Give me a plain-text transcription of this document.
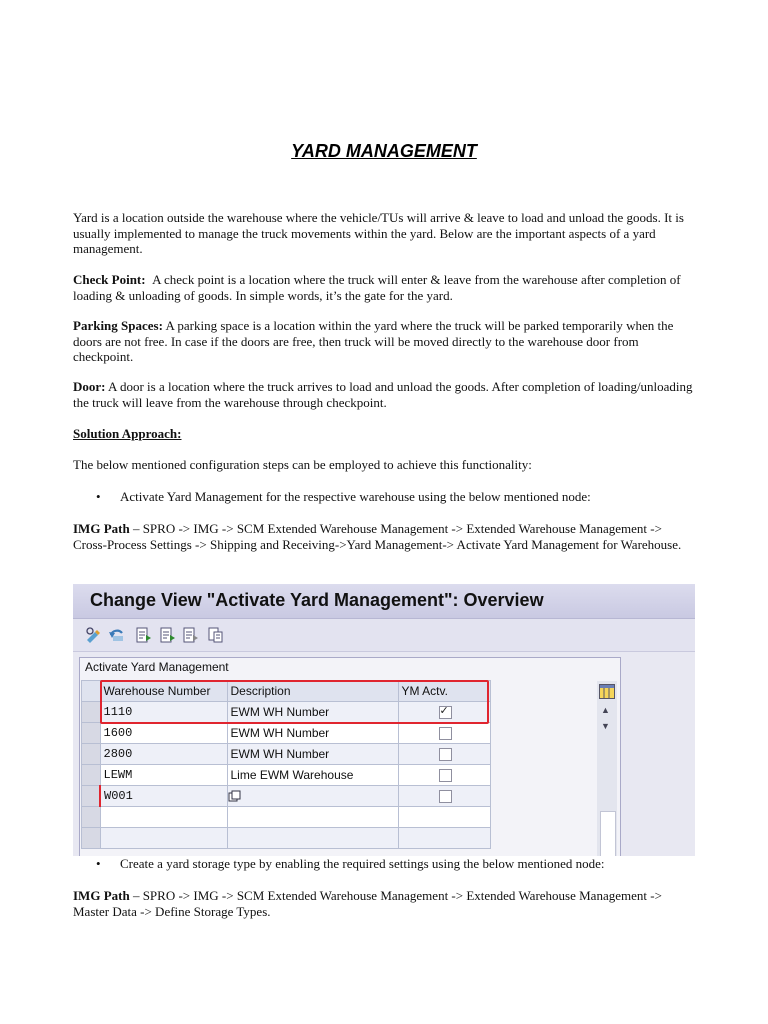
YARD MANAGEMENT
Yard is a location outside the warehouse where the vehicle/TUs will arrive & leave to load and unload the goods. It is usually implemented to manage the truck movements within the yard. Below are the important aspects of a yard management.
Check Point: A check point is a location where the truck will enter & leave from the warehouse after completion of loading & unloading of goods. In simple words, it’s the gate for the yard.
Parking Spaces: A parking space is a location within the yard where the truck will be parked temporarily when the doors are not free. In case if the doors are free, then truck will be moved directly to the warehouse door from checkpoint.
Door: A door is a location where the truck arrives to load and unload the goods. After completion of loading/unloading the truck will leave from the warehouse through checkpoint.
Solution Approach:
The below mentioned configuration steps can be employed to achieve this functionality:
•	Activate Yard Management for the respective warehouse using the below mentioned node:
IMG Path – SPRO -> IMG -> SCM Extended Warehouse Management -> Extended Warehouse Management -> Cross-Process Settings -> Shipping and Receiving->Yard Management-> Activate Yard Management for Warehouse.
Change View "Activate Yard Management": Overview
Activate Yard Management
	Warehouse Number	Description	YM Actv.
	1110	EWM WH Number	✓
	1600	EWM WH Number	
	2800	EWM WH Number	
	LEWM	Lime EWM Warehouse	
	W001		

▲
▼
•	Create a yard storage type by enabling the required settings using the below mentioned node:
IMG Path – SPRO -> IMG -> SCM Extended Warehouse Management -> Extended Warehouse Management -> Master Data -> Define Storage Types.
